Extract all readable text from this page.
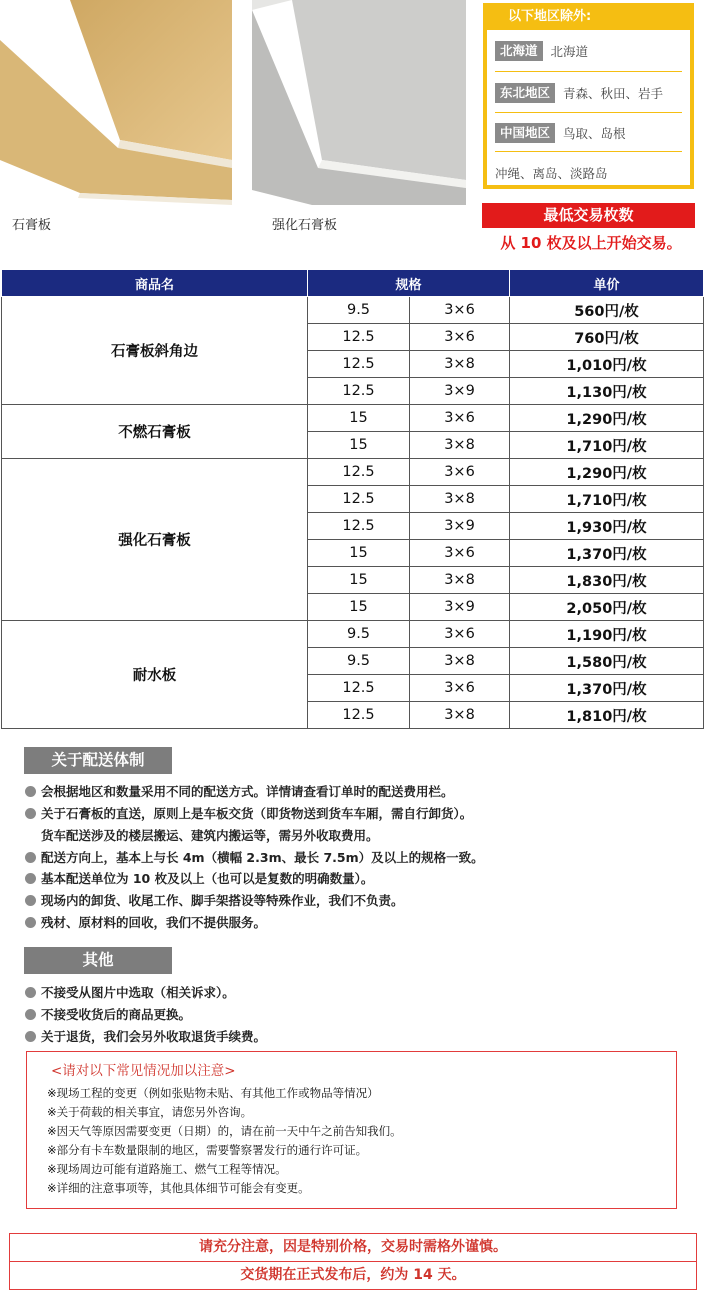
石膏板	强化石膏板
以下地区除外:
北海道	北海道
东北地区	青森、秋田、岩手
中国地区	鸟取、岛根
冲绳、离岛、淡路岛
最低交易枚数
从 10 枚及以上开始交易。
商品名	规格		单价
石膏板斜角边	9.5	3×6	560円/枚
	12.5	3×6	760円/枚
	12.5	3×8	1,010円/枚
	12.5	3×9	1,130円/枚
不燃石膏板	15	3×6	1,290円/枚
	15	3×8	1,710円/枚
强化石膏板	12.5	3×6	1,290円/枚
	12.5	3×8	1,710円/枚
	12.5	3×9	1,930円/枚
	15	3×6	1,370円/枚
	15	3×8	1,830円/枚
	15	3×9	2,050円/枚
耐水板	9.5	3×6	1,190円/枚
	9.5	3×8	1,580円/枚
	12.5	3×6	1,370円/枚
	12.5	3×8	1,810円/枚
关于配送体制
会根据地区和数量采用不同的配送方式。详情请查看订单时的配送费用栏。
关于石膏板的直送，原则上是车板交货（即货物送到货车车厢，需自行卸货）。
货车配送涉及的楼层搬运、建筑内搬运等，需另外收取费用。
配送方向上，基本上与长 4m（横幅 2.3m、最长 7.5m）及以上的规格一致。
基本配送单位为 10 枚及以上（也可以是复数的明确数量）。
现场内的卸货、收尾工作、脚手架搭设等特殊作业，我们不负责。
残材、原材料的回收，我们不提供服务。
其他
不接受从图片中选取（相关诉求）。
不接受收货后的商品更换。
关于退货，我们会另外收取退货手续费。
<请对以下常见情况加以注意>
※现场工程的变更（例如张贴物未贴、有其他工作或物品等情况）
※关于荷载的相关事宜，请您另外咨询。
※因天气等原因需要变更（日期）的，请在前一天中午之前告知我们。
※部分有卡车数量限制的地区，需要警察署发行的通行许可证。
※现场周边可能有道路施工、燃气工程等情况。
※详细的注意事项等，其他具体细节可能会有变更。
请充分注意，因是特别价格，交易时需格外谨慎。
交货期在正式发布后，约为 14 天。
